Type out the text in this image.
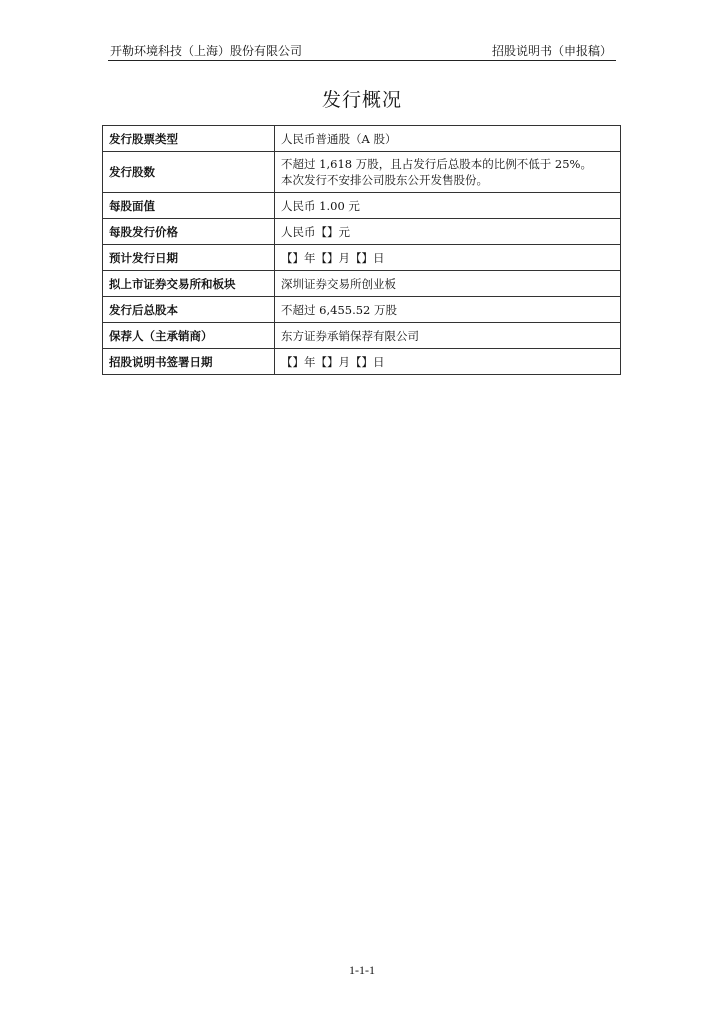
开勒环境科技（上海）股份有限公司	招股说明书（申报稿）
发行概况
发行股票类型	人民币普通股（A 股）

发行股数	不超过 1,618 万股，且占发行后总股本的比例不低于 25%。
本次发行不安排公司股东公开发售股份。

每股面值	人民币 1.00 元

每股发行价格	人民币【】元

预计发行日期	【】年【】月【】日

拟上市证券交易所和板块	深圳证券交易所创业板

发行后总股本	不超过 6,455.52 万股

保荐人（主承销商）	东方证券承销保荐有限公司

招股说明书签署日期	【】年【】月【】日
1-1-1
